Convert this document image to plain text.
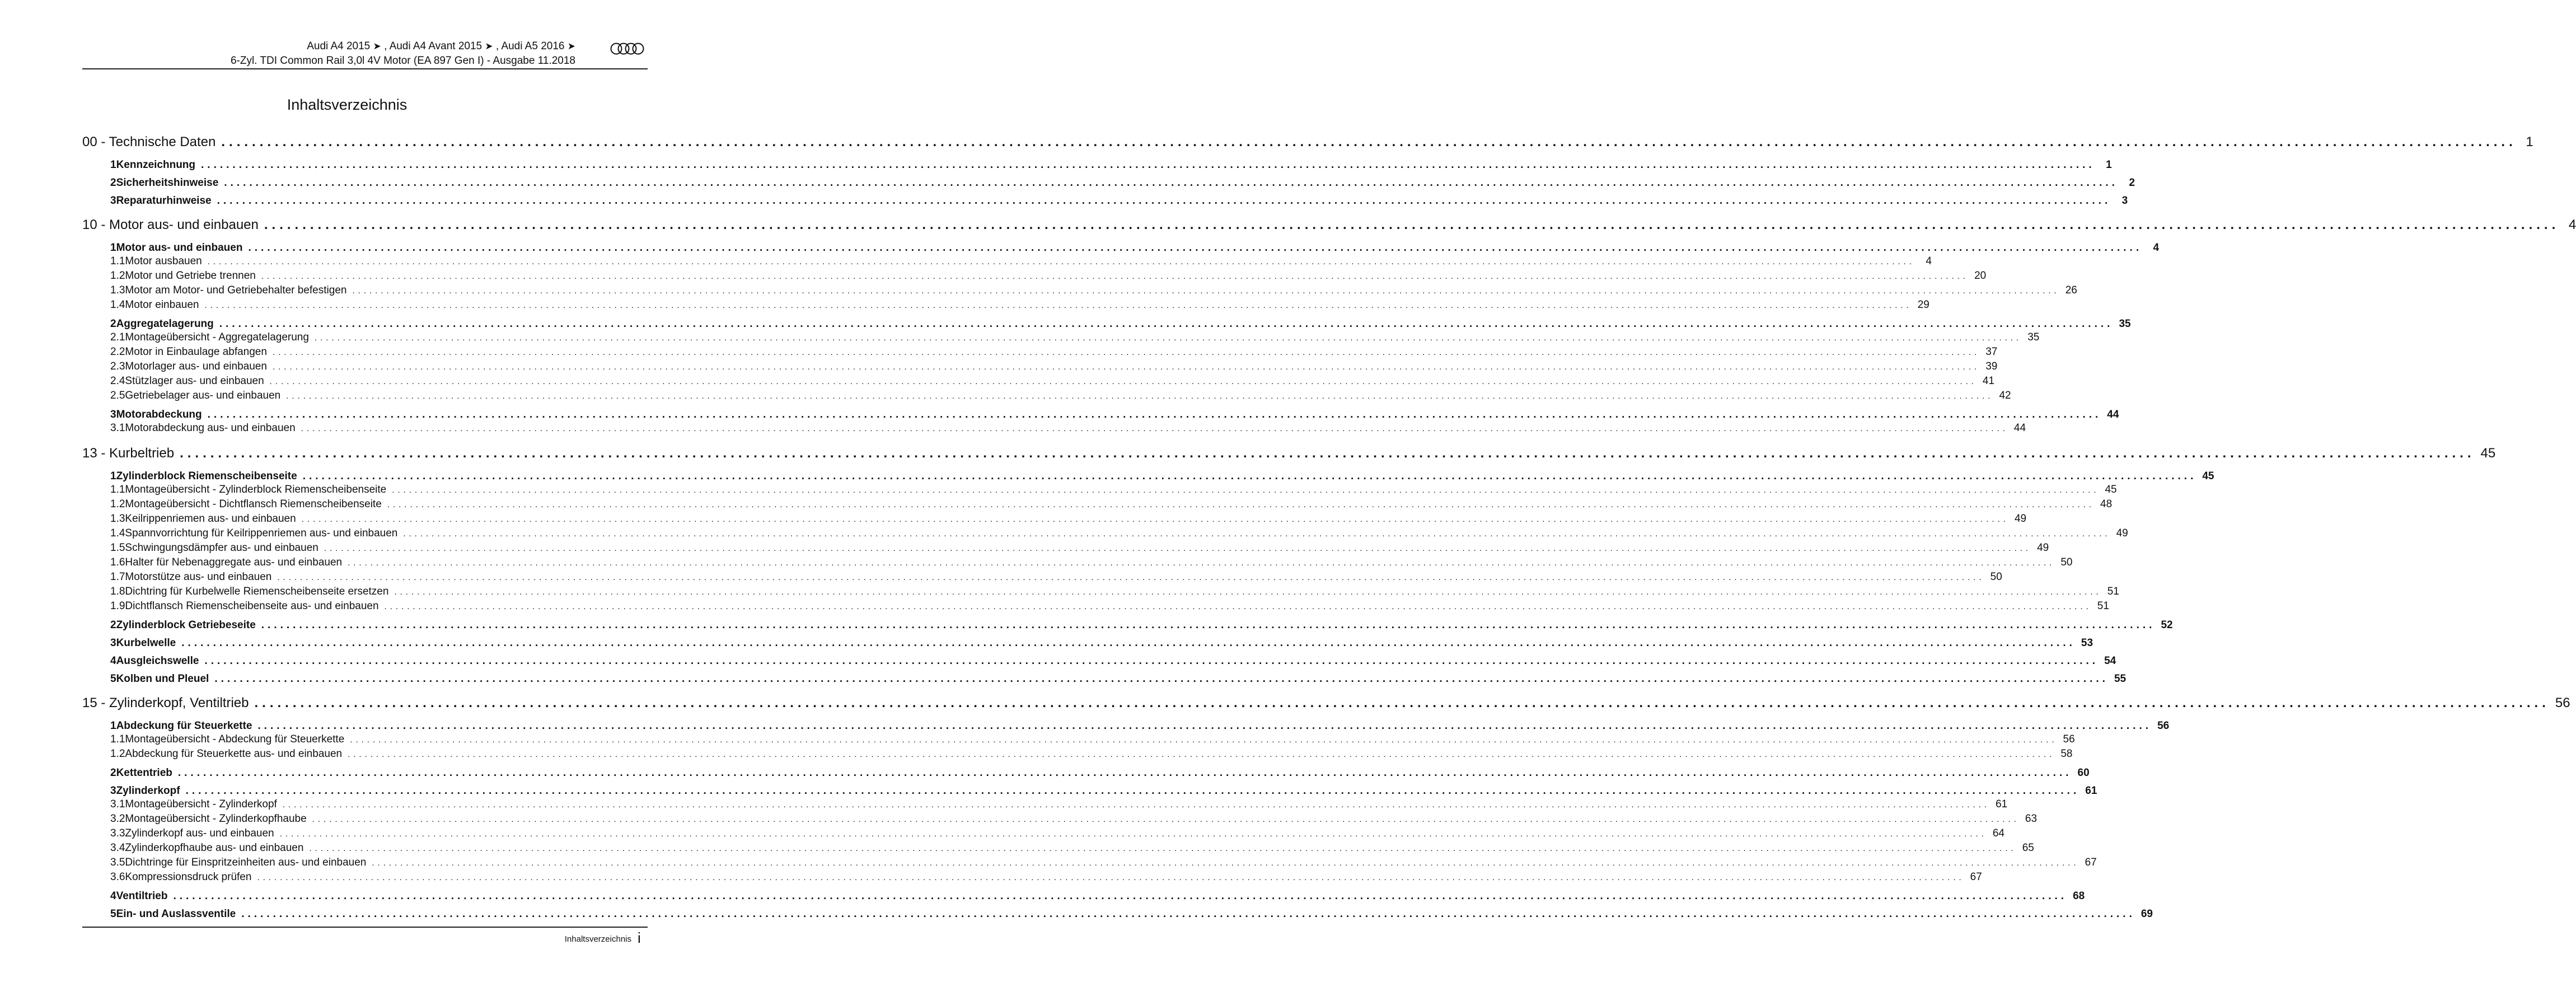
Audi A4 2015 ➤ , Audi A4 Avant 2015 ➤ , Audi A5 2016 ➤
6-Zyl. TDI Common Rail 3,0l 4V Motor (EA 897 Gen I) - Ausgabe 11.2018
Inhaltsverzeichnis
00 - Technische Daten ............................................................................................................................................................................................................................................................................................................ 1
1 Kennzeichnung ............................................................................................................................................................................................................................................................................................................	1
2 Sicherheitshinweise ............................................................................................................................................................................................................................................................................................................	2
3 Reparaturhinweise ............................................................................................................................................................................................................................................................................................................	3
10 - Motor aus- und einbauen ............................................................................................................................................................................................................................................................................................................ 4
1 Motor aus- und einbauen ............................................................................................................................................................................................................................................................................................................	4
1.1 Motor ausbauen ............................................................................................................................................................................................................................................................................................................	4
1.2 Motor und Getriebe trennen ............................................................................................................................................................................................................................................................................................................ 20
1.3 Motor am Motor- und Getriebehalter befestigen ............................................................................................................................................................................................................................................................................................................ 26
1.4 Motor einbauen ............................................................................................................................................................................................................................................................................................................ 29
2 Aggregatelagerung ............................................................................................................................................................................................................................................................................................................ 35
2.1 Montageübersicht - Aggregatelagerung ............................................................................................................................................................................................................................................................................................................ 35
2.2 Motor in Einbaulage abfangen ............................................................................................................................................................................................................................................................................................................ 37
2.3 Motorlager aus- und einbauen ............................................................................................................................................................................................................................................................................................................ 39
2.4 Stützlager aus- und einbauen ............................................................................................................................................................................................................................................................................................................ 41
2.5 Getriebelager aus- und einbauen ............................................................................................................................................................................................................................................................................................................ 42
3 Motorabdeckung ............................................................................................................................................................................................................................................................................................................ 44
3.1 Motorabdeckung aus- und einbauen ............................................................................................................................................................................................................................................................................................................ 44
13 - Kurbeltrieb ............................................................................................................................................................................................................................................................................................................ 45
1 Zylinderblock Riemenscheibenseite ............................................................................................................................................................................................................................................................................................................ 45
1.1 Montageübersicht - Zylinderblock Riemenscheibenseite ............................................................................................................................................................................................................................................................................................................ 45
1.2 Montageübersicht - Dichtflansch Riemenscheibenseite ............................................................................................................................................................................................................................................................................................................ 48
1.3 Keilrippenriemen aus- und einbauen ............................................................................................................................................................................................................................................................................................................ 49
1.4 Spannvorrichtung für Keilrippenriemen aus- und einbauen ............................................................................................................................................................................................................................................................................................................ 49
1.5 Schwingungsdämpfer aus- und einbauen ............................................................................................................................................................................................................................................................................................................ 49
1.6 Halter für Nebenaggregate aus- und einbauen ............................................................................................................................................................................................................................................................................................................ 50
1.7 Motorstütze aus- und einbauen ............................................................................................................................................................................................................................................................................................................ 50
1.8 Dichtring für Kurbelwelle Riemenscheibenseite ersetzen ............................................................................................................................................................................................................................................................................................................ 51
1.9 Dichtflansch Riemenscheibenseite aus- und einbauen ............................................................................................................................................................................................................................................................................................................ 51
2 Zylinderblock Getriebeseite ............................................................................................................................................................................................................................................................................................................ 52
3 Kurbelwelle ............................................................................................................................................................................................................................................................................................................ 53
4 Ausgleichswelle ............................................................................................................................................................................................................................................................................................................ 54
5 Kolben und Pleuel ............................................................................................................................................................................................................................................................................................................ 55
15 - Zylinderkopf, Ventiltrieb ............................................................................................................................................................................................................................................................................................................ 56
1 Abdeckung für Steuerkette ............................................................................................................................................................................................................................................................................................................ 56
1.1 Montageübersicht - Abdeckung für Steuerkette ............................................................................................................................................................................................................................................................................................................ 56
1.2 Abdeckung für Steuerkette aus- und einbauen ............................................................................................................................................................................................................................................................................................................ 58
2 Kettentrieb ............................................................................................................................................................................................................................................................................................................ 60
3 Zylinderkopf ............................................................................................................................................................................................................................................................................................................ 61
3.1 Montageübersicht - Zylinderkopf ............................................................................................................................................................................................................................................................................................................ 61
3.2 Montageübersicht - Zylinderkopfhaube ............................................................................................................................................................................................................................................................................................................ 63
3.3 Zylinderkopf aus- und einbauen ............................................................................................................................................................................................................................................................................................................ 64
3.4 Zylinderkopfhaube aus- und einbauen ............................................................................................................................................................................................................................................................................................................ 65
3.5 Dichtringe für Einspritzeinheiten aus- und einbauen ............................................................................................................................................................................................................................................................................................................ 67
3.6 Kompressionsdruck prüfen ............................................................................................................................................................................................................................................................................................................ 67
4 Ventiltrieb ............................................................................................................................................................................................................................................................................................................ 68
5 Ein- und Auslassventile ............................................................................................................................................................................................................................................................................................................ 69
Inhaltsverzeichnis i
